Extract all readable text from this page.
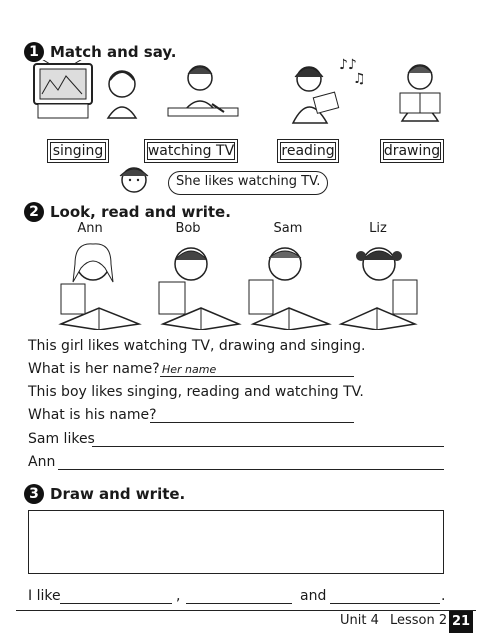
1 Match and say.
♪♪
♫
singing	watching TV	reading	drawing
She likes watching TV.
2 Look, read and write.
Ann	Bob	Sam	Liz
This girl likes watching TV, drawing and singing.
What is her name? Her name
This boy likes singing, reading and watching TV.
What is his name?
Sam likes
Ann
3 Draw and write.
I like	,	and	.
Unit 4 Lesson 2 21
